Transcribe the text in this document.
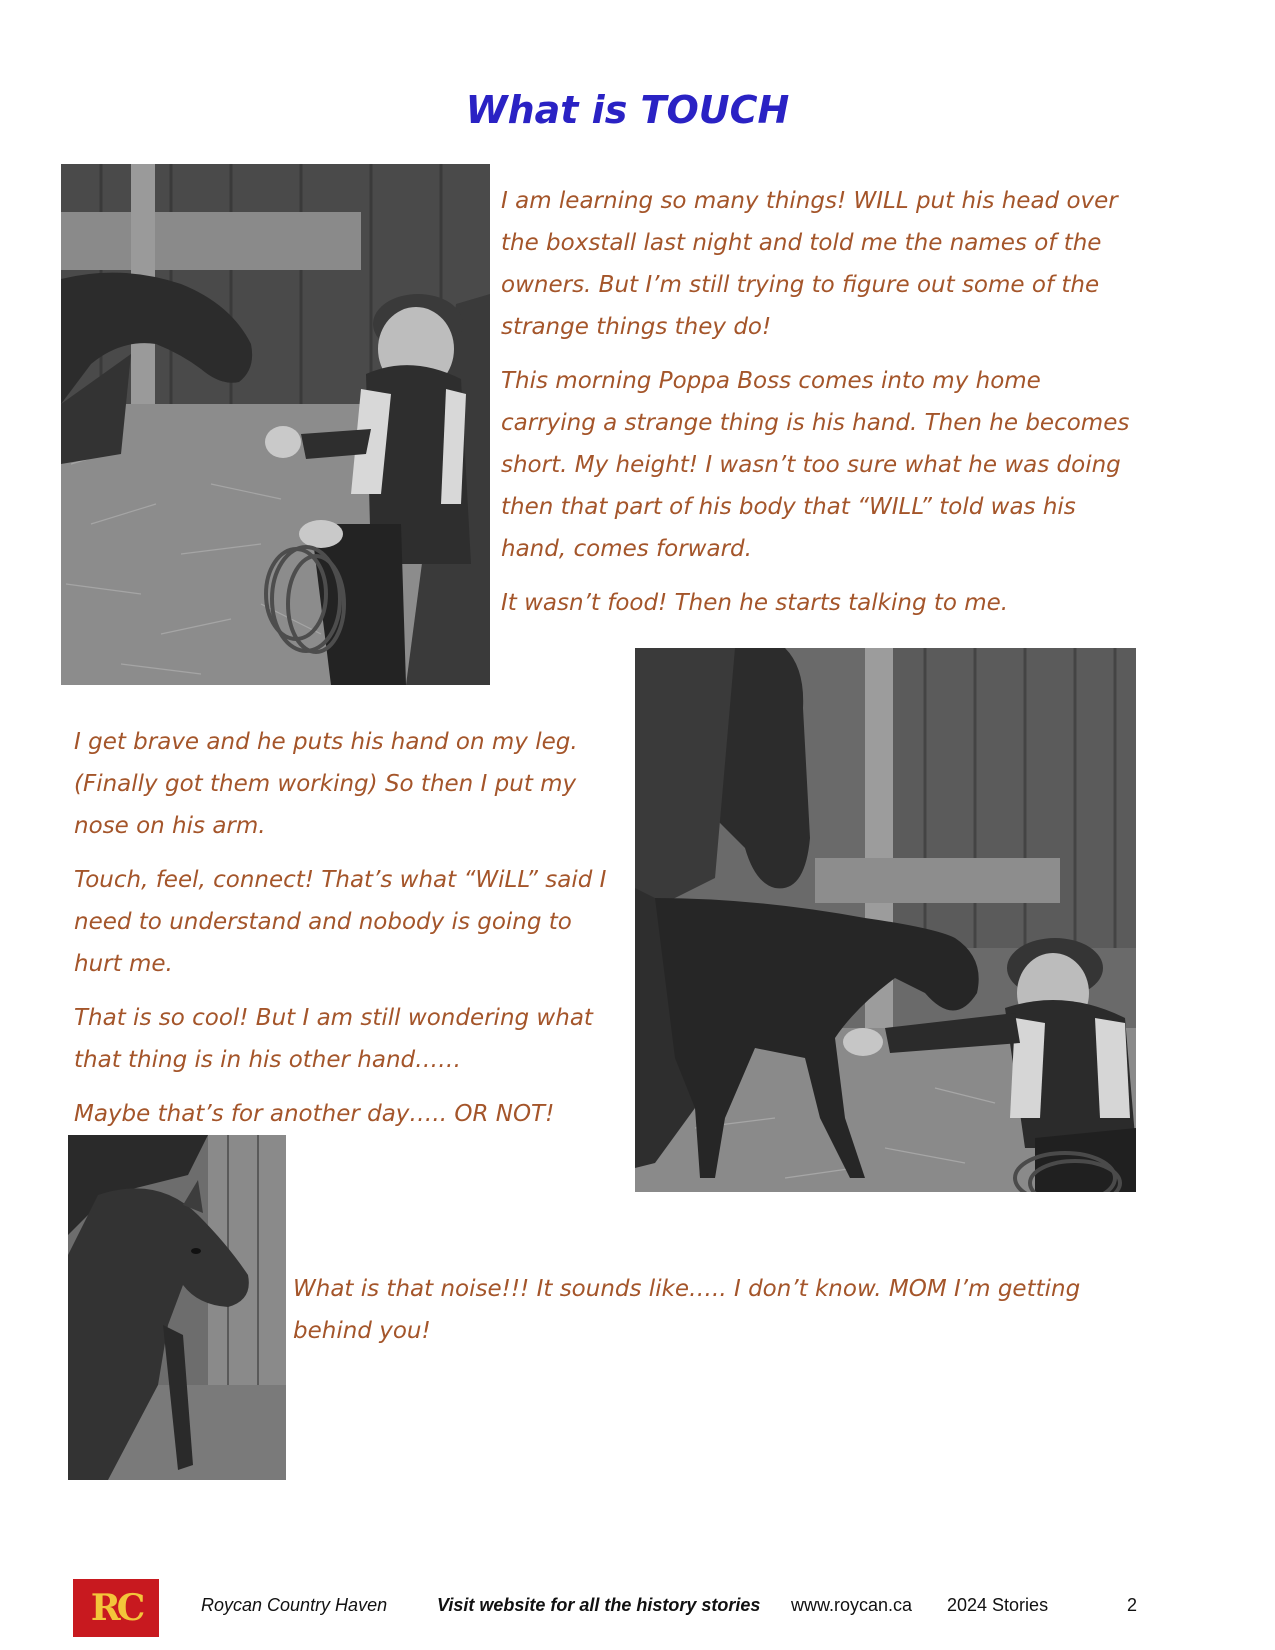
What is TOUCH

I am learning so many things! WILL put his head over the boxstall last night and told me the names of the owners. But I’m still trying to figure out some of the strange things they do!

This morning Poppa Boss comes into my home carrying a strange thing is his hand. Then he becomes short. My height! I wasn’t too sure what he was doing then that part of his body that “WILL” told was his hand, comes forward.

It wasn’t food! Then he starts talking to me.

I get brave and he puts his hand on my leg. (Finally got them working) So then I put my nose on his arm.

Touch, feel, connect! That’s what “WiLL” said I need to understand and nobody is going to hurt me.

That is so cool! But I am still wondering what that thing is in his other hand……

Maybe that’s for another day….. OR NOT!

What is that noise!!! It sounds like….. I don’t know. MOM I’m getting behind you!

RC	Roycan Country Haven	Visit website for all the history stories www.roycan.ca 2024 Stories	2
